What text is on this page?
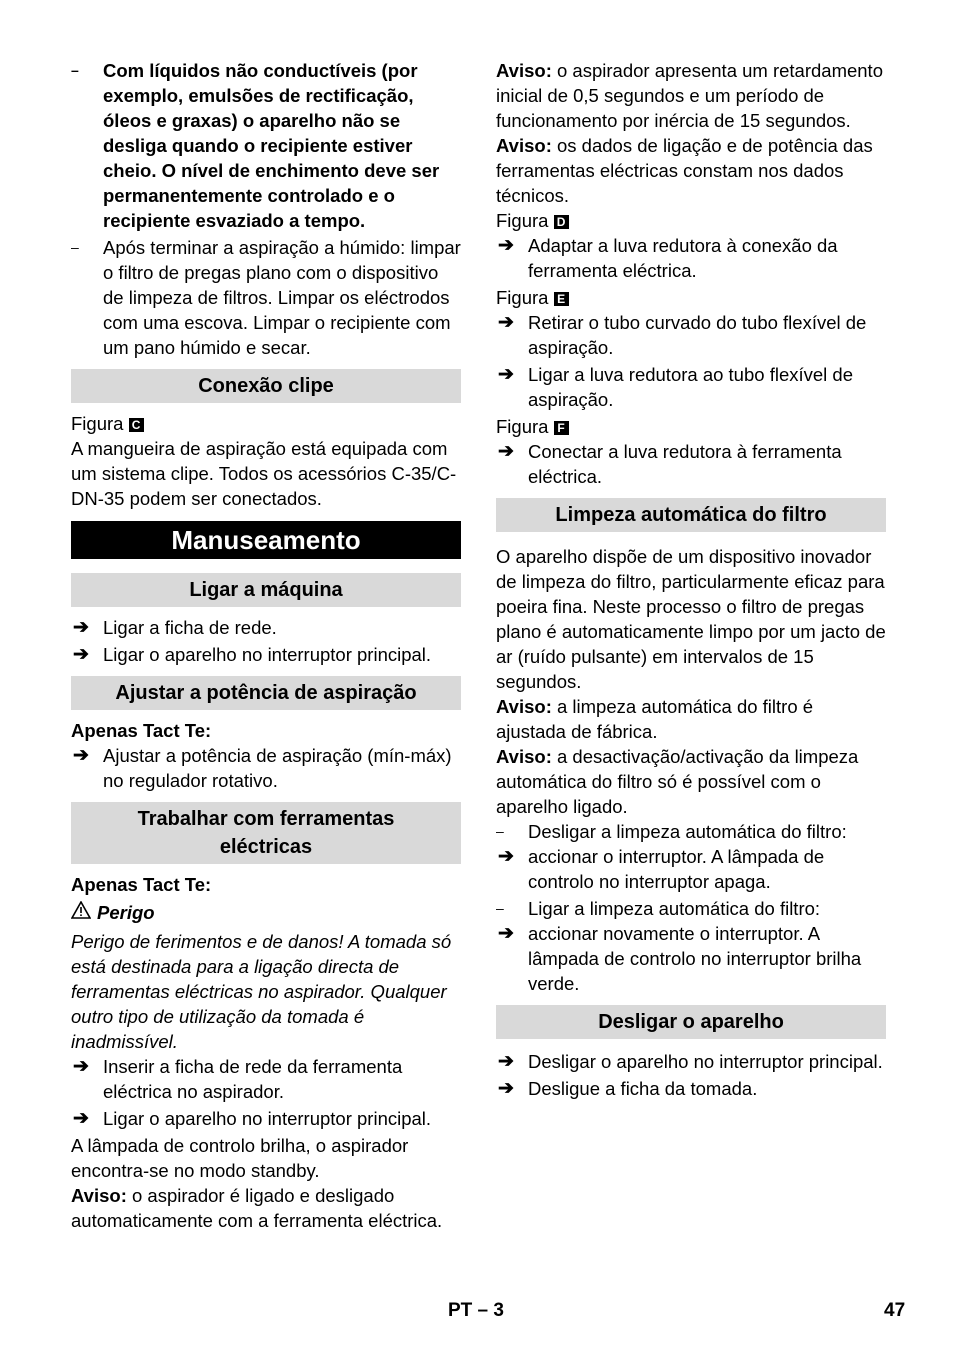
– Com líquidos não conductíveis (por exemplo, emulsões de rectificação, óleos e graxas) o aparelho não se desliga quando o recipiente estiver cheio. O nível de enchimento deve ser permanentemente controlado e o recipiente esvaziado a tempo.

– Após terminar a aspiração a húmido: limpar o filtro de pregas plano com o dispositivo de limpeza de filtros. Limpar os eléctrodos com uma escova. Limpar o recipiente com um pano húmido e secar.

Conexão clipe

Figura C

A mangueira de aspiração está equipada com um sistema clipe. Todos os acessórios C-35/C-DN-35 podem ser conectados.

Manuseamento
Ligar a máquina

➔ Ligar a ficha de rede.

➔ Ligar o aparelho no interruptor principal.

Ajustar a potência de aspiração

Apenas Tact Te:

➔ Ajustar a potência de aspiração (mín-máx) no regulador rotativo.

Trabalhar com ferramentas
eléctricas

Apenas Tact Te:

Perigo

Perigo de ferimentos e de danos! A tomada só está destinada para a ligação directa de ferramentas eléctricas no aspirador. Qualquer outro tipo de utilização da tomada é inadmissível.

➔ Inserir a ficha de rede da ferramenta eléctrica no aspirador.

➔ Ligar o aparelho no interruptor principal.

A lâmpada de controlo brilha, o aspirador encontra-se no modo standby.

Aviso: o aspirador é ligado e desligado automaticamente com a ferramenta eléctrica.

Aviso: o aspirador apresenta um retardamento inicial de 0,5 segundos e um período de funcionamento por inércia de 15 segundos.

Aviso: os dados de ligação e de potência das ferramentas eléctricas constam nos dados técnicos.

Figura D

➔ Adaptar a luva redutora à conexão da ferramenta eléctrica.

Figura E

➔ Retirar o tubo curvado do tubo flexível de aspiração.

➔ Ligar a luva redutora ao tubo flexível de aspiração.

Figura F

➔ Conectar a luva redutora à ferramenta eléctrica.

Limpeza automática do filtro

O aparelho dispõe de um dispositivo inovador de limpeza do filtro, particularmente eficaz para poeira fina. Neste processo o filtro de pregas plano é automaticamente limpo por um jacto de ar (ruído pulsante) em intervalos de 15 segundos.

Aviso: a limpeza automática do filtro é ajustada de fábrica.

Aviso: a desactivação/activação da limpeza automática do filtro só é possível com o aparelho ligado.

– Desligar a limpeza automática do filtro:

➔ accionar o interruptor. A lâmpada de controlo no interruptor apaga.

– Ligar a limpeza automática do filtro:

➔ accionar novamente o interruptor. A lâmpada de controlo no interruptor brilha verde.

Desligar o aparelho

➔ Desligar o aparelho no interruptor principal.

➔ Desligue a ficha da tomada.

PT – 3	47
